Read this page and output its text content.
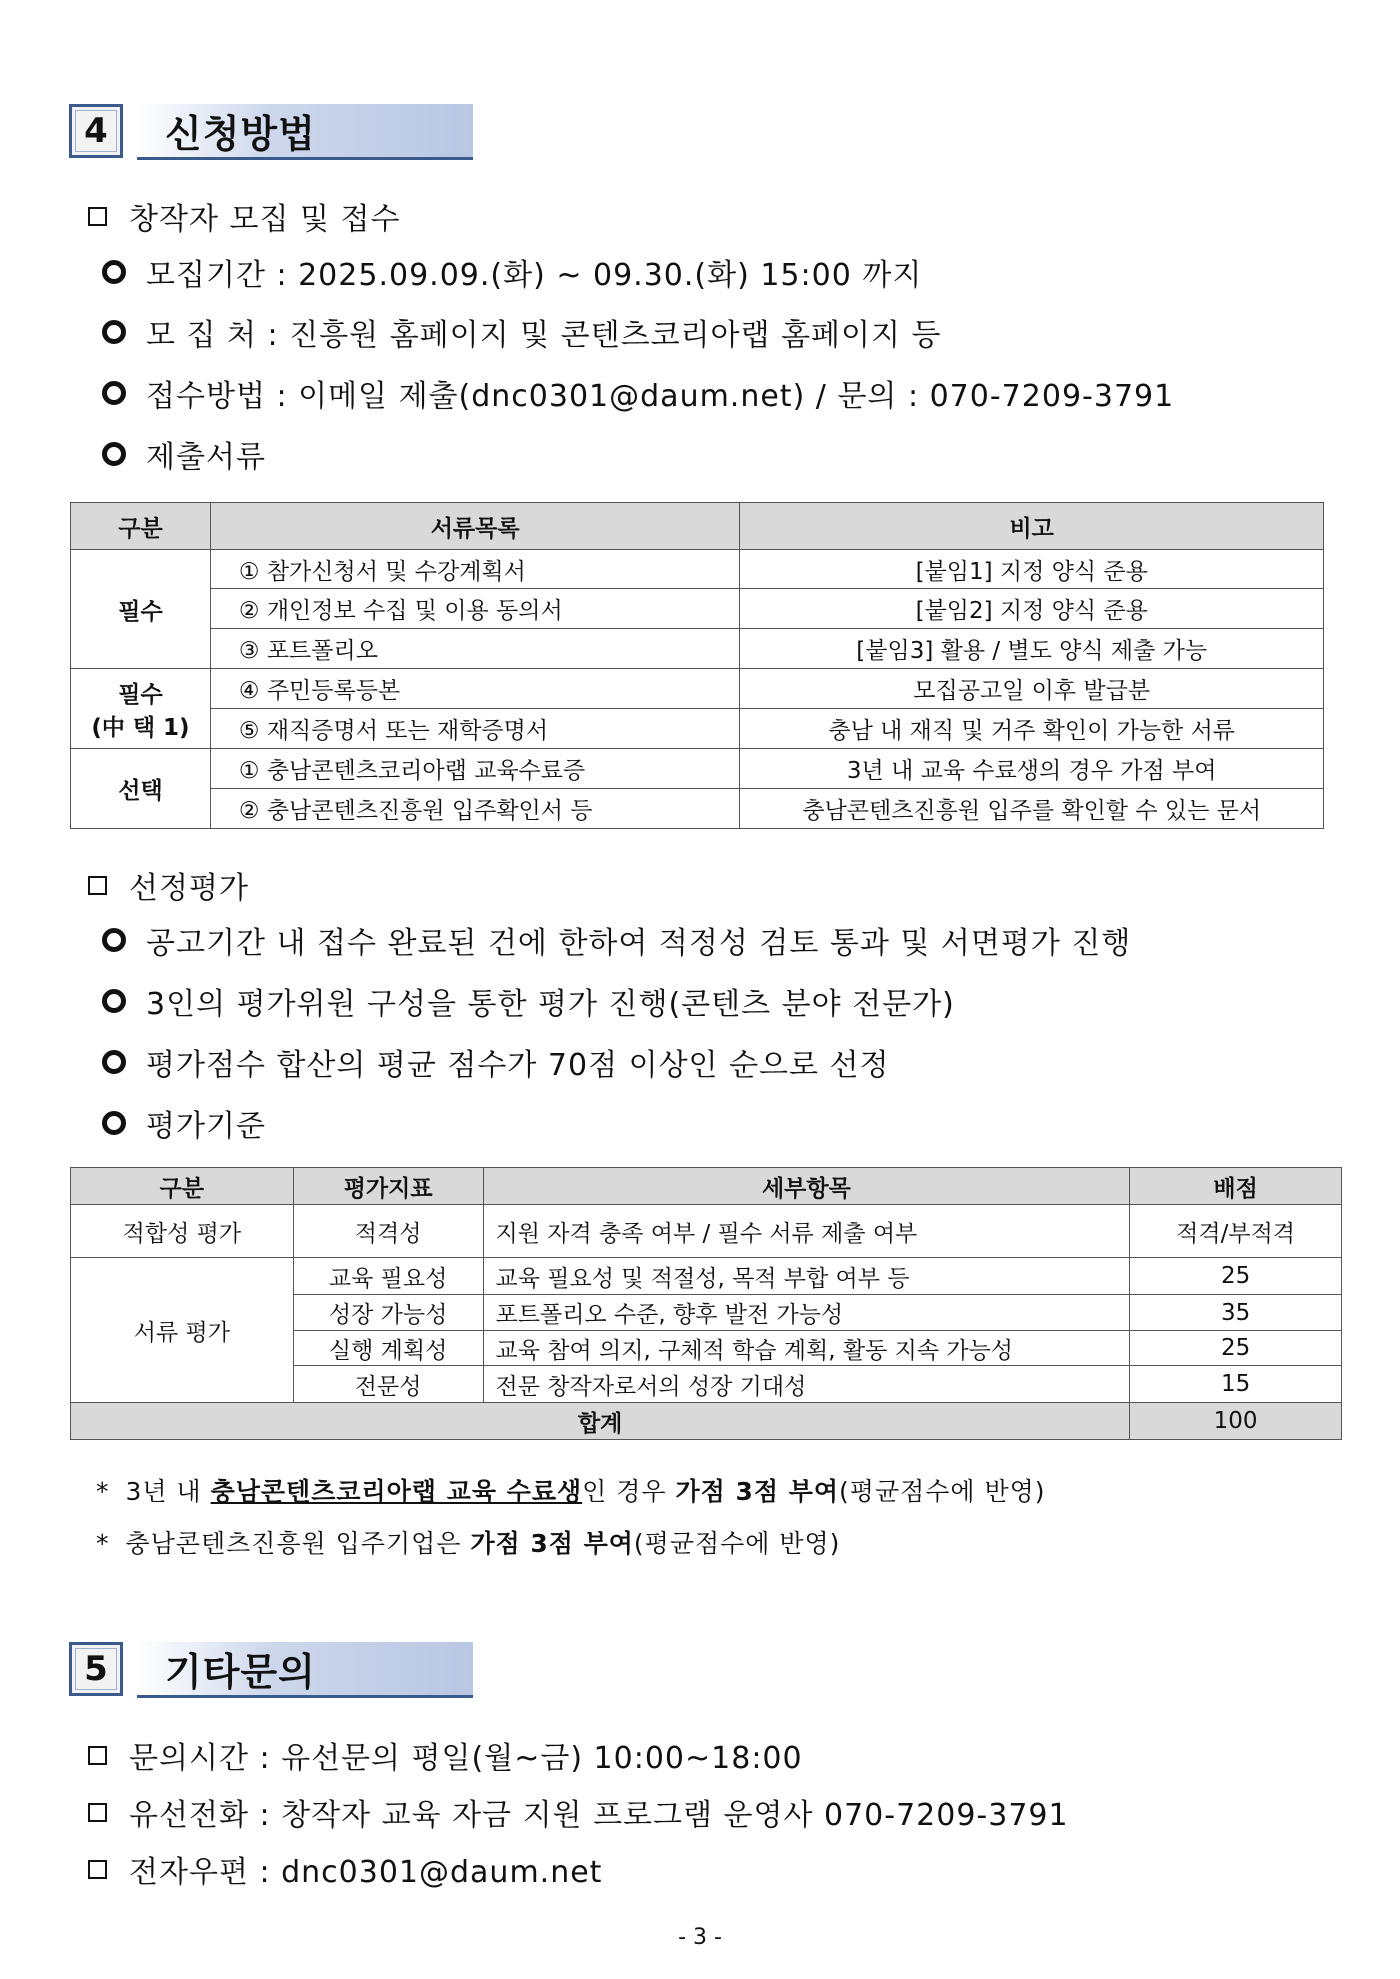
4	신청방법
창작자 모집 및 접수
모집기간 : 2025.09.09.(화) ~ 09.30.(화) 15:00 까지
모 집 처 : 진흥원 홈페이지 및 콘텐츠코리아랩 홈페이지 등
접수방법 : 이메일 제출(dnc0301@daum.net) / 문의 : 070-7209-3791
제출서류
구분	서류목록	비고
필수	① 참가신청서 및 수강계획서	[붙임1] 지정 양식 준용
	② 개인정보 수집 및 이용 동의서	[붙임2] 지정 양식 준용
	③ 포트폴리오	[붙임3] 활용 / 별도 양식 제출 가능

필수
(中 택 1)	④ 주민등록등본	모집공고일 이후 발급분
	⑤ 재직증명서 또는 재학증명서	충남 내 재직 및 거주 확인이 가능한 서류
선택	① 충남콘텐츠코리아랩 교육수료증	3년 내 교육 수료생의 경우 가점 부여
	② 충남콘텐츠진흥원 입주확인서 등	충남콘텐츠진흥원 입주를 확인할 수 있는 문서
선정평가
공고기간 내 접수 완료된 건에 한하여 적정성 검토 통과 및 서면평가 진행
3인의 평가위원 구성을 통한 평가 진행(콘텐츠 분야 전문가)
평가점수 합산의 평균 점수가 70점 이상인 순으로 선정
평가기준
구분	평가지표	세부항목	배점
적합성 평가	적격성	지원 자격 충족 여부 / 필수 서류 제출 여부	적격/부적격
서류 평가	교육 필요성	교육 필요성 및 적절성, 목적 부합 여부 등	25
	성장 가능성	포트폴리오 수준, 향후 발전 가능성	35
	실행 계획성	교육 참여 의지, 구체적 학습 계획, 활동 지속 가능성	25
	전문성	전문 창작자로서의 성장 기대성	15
합계			100
* 3년 내 충남콘텐츠코리아랩 교육 수료생인 경우 가점 3점 부여(평균점수에 반영)
* 충남콘텐츠진흥원 입주기업은 가점 3점 부여(평균점수에 반영)
5	기타문의
문의시간 : 유선문의 평일(월~금) 10:00~18:00
유선전화 : 창작자 교육 자금 지원 프로그램 운영사 070-7209-3791
전자우편 : dnc0301@daum.net
- 3 -
